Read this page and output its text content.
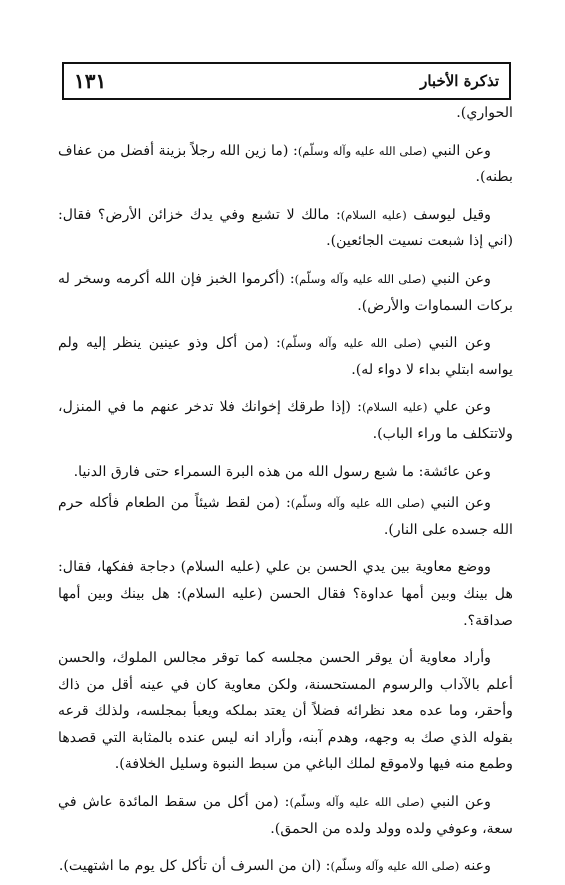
تذكرة الأخبار
١٣١

الحواري).

وعن النبي (صلى الله عليه وآله وسلّم): (ما زين الله رجلاً بزينة أفضل من عفاف بطنه).

وقيل ليوسف (عليه السلام): مالك لا تشبع وفي يدك خزائن الأرض؟ فقال: (اني إذا شبعت نسيت الجائعين).

وعن النبي (صلى الله عليه وآله وسلّم): (أكرموا الخبز فإن الله أكرمه وسخر له بركات السماوات والأرض).

وعن النبي (صلى الله عليه وآله وسلّم): (من أكل وذو عينين ينظر إليه ولم يواسه ابتلي بداء لا دواء له).

وعن علي (عليه السلام): (إذا طرقك إخوانك فلا تدخر عنهم ما في المنزل، ولاتتكلف ما وراء الباب).

وعن عائشة: ما شبع رسول الله من هذه البرة السمراء حتى فارق الدنيا.

وعن النبي (صلى الله عليه وآله وسلّم): (من لقط شيئاً من الطعام فأكله حرم الله جسده على النار).

ووضع معاوية بين يدي الحسن بن علي (عليه السلام) دجاجة ففكها، فقال: هل بينك وبين أمها عداوة؟ فقال الحسن (عليه السلام): هل بينك وبين أمها صداقة؟.

وأراد معاوية أن يوقر الحسن مجلسه كما توقر مجالس الملوك، والحسن أعلم بالآداب والرسوم المستحسنة، ولكن معاوية كان في عينه أقل من ذاك وأحقر، وما عده معد نظرائه فضلاً أن يعتد بملكه ويعبأ بمجلسه، ولذلك قرعه بقوله الذي صك به وجهه، وهدم آبنه، وأراد انه ليس عنده بالمثابة التي قصدها وطمع منه فيها ولاموقع لملك الباغي من سبط النبوة وسليل الخلافة).

وعن النبي (صلى الله عليه وآله وسلّم): (من أكل من سقط المائدة عاش في سعة، وعوفي ولده وولد ولده من الحمق).

وعنه (صلى الله عليه وآله وسلّم): (ان من السرف أن تأكل كل يوم ما اشتهيت).
